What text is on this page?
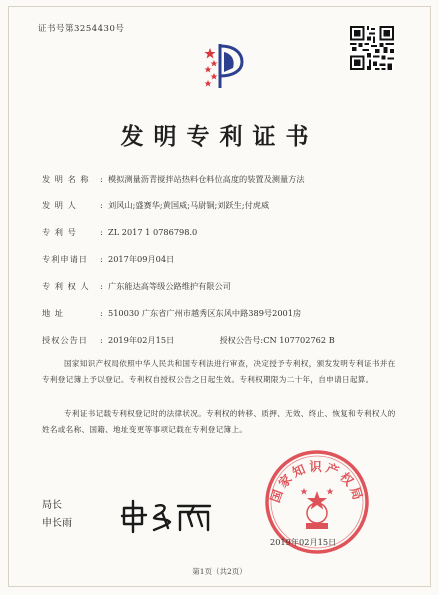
证书号第3254430号
发明专利证书
发 明 名 称 : 模拟测量沥青搅拌站热料仓料位高度的装置及测量方法
发 明 人	: 刘风山;盛赛华;黄国威;马尉铜;刘跃生;付虎威
专 利 号	: ZL 2017 1 0786798.0
专利申请日 : 2017年09月04日
专 利 权 人 : 广东能达高等级公路维护有限公司
地 址	: 510030 广东省广州市越秀区东风中路389号2001房
授权公告日 : 2019年02月15日	授权公告号:CN 107702762 B
国家知识产权局依照中华人民共和国专利法进行审查，决定授予专利权，颁发发明专利证书并在专利登记簿上予以登记。专利权自授权公告之日起生效。专利权期限为二十年，自申请日起算。
专利证书记载专利权登记时的法律状况。专利权的转移、质押、无效、终止、恢复和专利权人的姓名或名称、国籍、地址变更等事项记载在专利登记簿上。
局长
申长雨
国家知识产权局
2019年02月15日
第1页（共2页）
